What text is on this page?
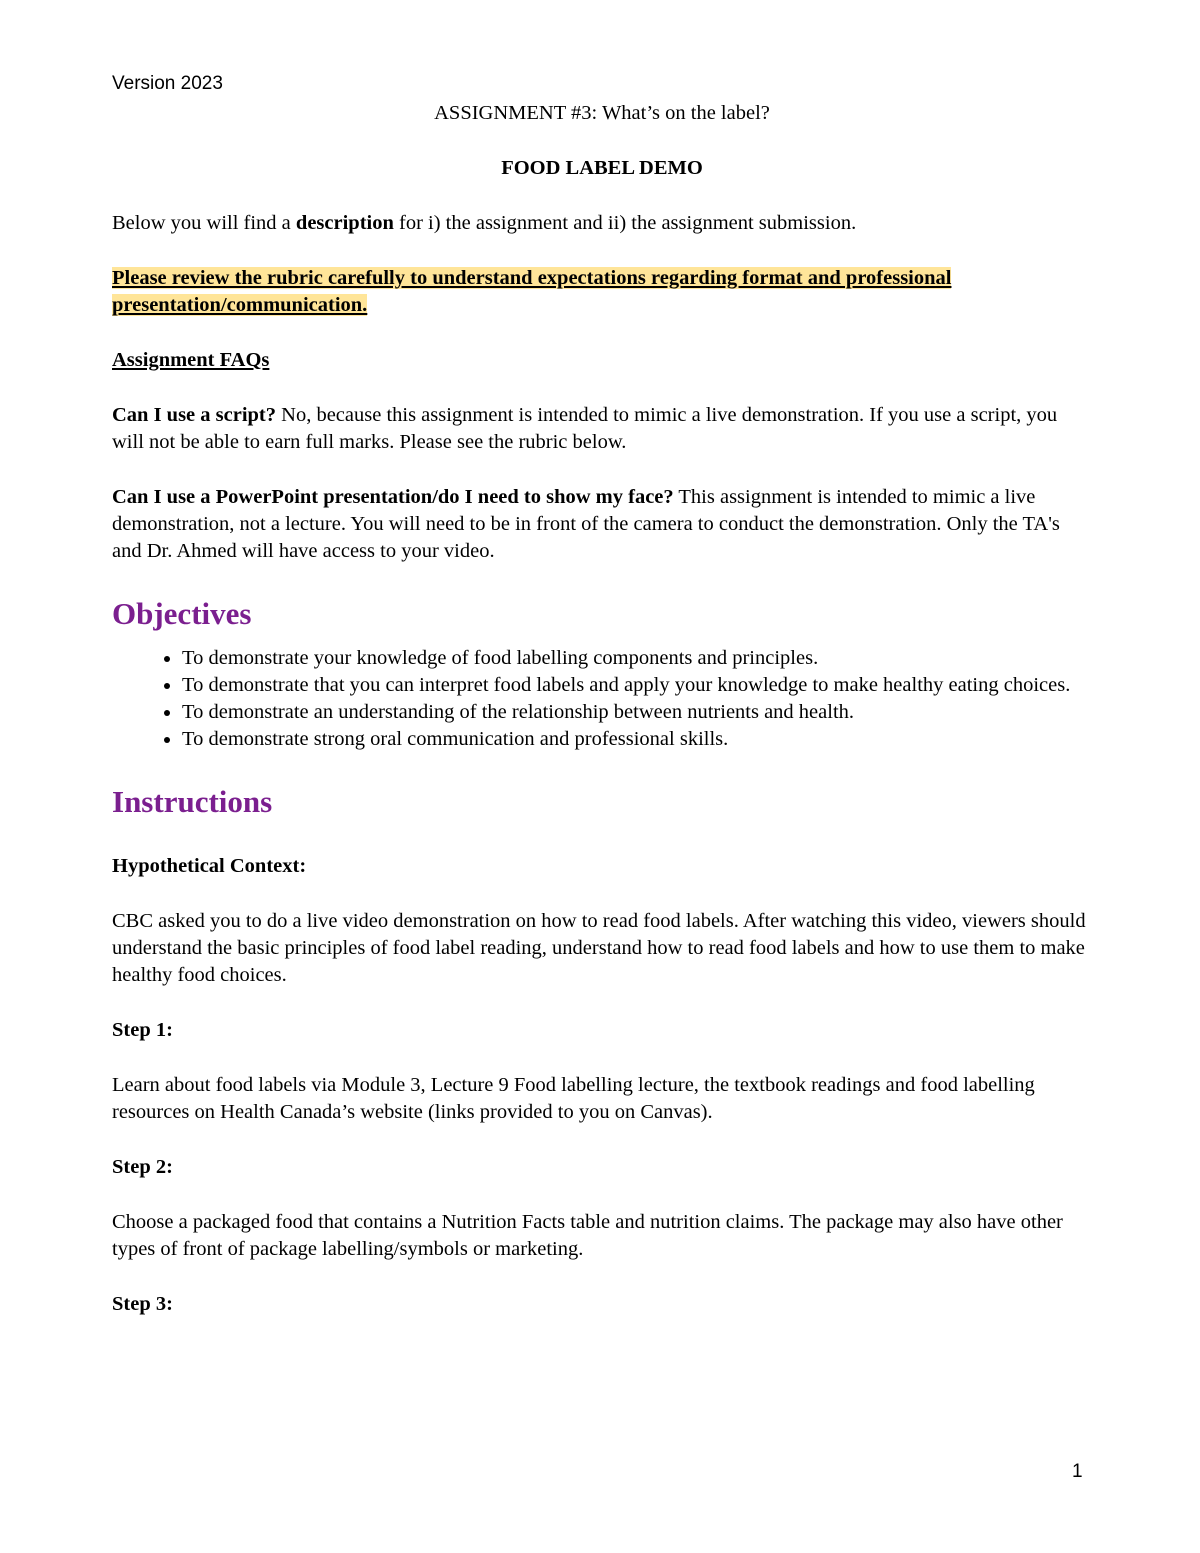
Version 2023

ASSIGNMENT #3: What’s on the label?

FOOD LABEL DEMO

Below you will find a description for i) the assignment and ii) the assignment submission.

Please review the rubric carefully to understand expectations regarding format and professional presentation/communication.

Assignment FAQs

Can I use a script? No, because this assignment is intended to mimic a live demonstration. If you use a script, you will not be able to earn full marks. Please see the rubric below.

Can I use a PowerPoint presentation/do I need to show my face? This assignment is intended to mimic a live demonstration, not a lecture. You will need to be in front of the camera to conduct the demonstration. Only the TA's and Dr. Ahmed will have access to your video.

Objectives
• To demonstrate your knowledge of food labelling components and principles.
• To demonstrate that you can interpret food labels and apply your knowledge to make healthy eating choices.
• To demonstrate an understanding of the relationship between nutrients and health.
• To demonstrate strong oral communication and professional skills.
Instructions

Hypothetical Context:

CBC asked you to do a live video demonstration on how to read food labels. After watching this video, viewers should understand the basic principles of food label reading, understand how to read food labels and how to use them to make healthy food choices.

Step 1:

Learn about food labels via Module 3, Lecture 9 Food labelling lecture, the textbook readings and food labelling resources on Health Canada’s website (links provided to you on Canvas).

Step 2:

Choose a packaged food that contains a Nutrition Facts table and nutrition claims. The package may also have other types of front of package labelling/symbols or marketing.

Step 3:

1
